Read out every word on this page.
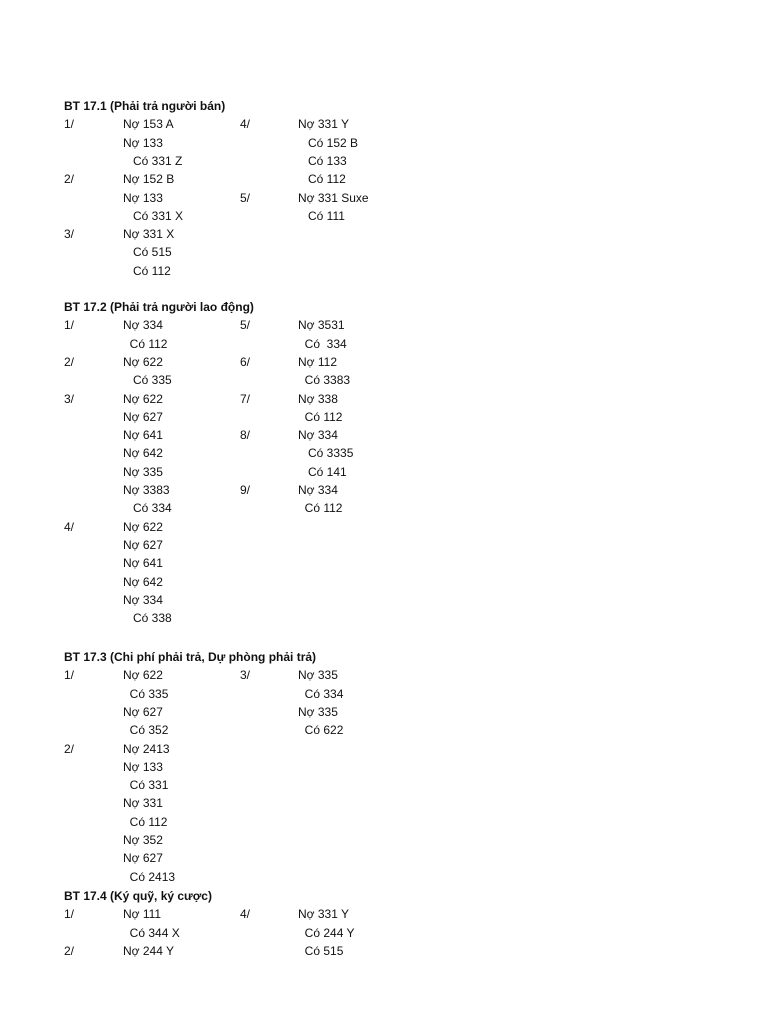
BT 17.1 (Phải trả người bán)
1/	Nợ 153 A
Nợ 133
Có 331 Z
2/	Nợ 152 B
Nợ 133
Có 331 X
3/	Nợ 331 X
Có 515
Có 112
4/	Nợ 331 Y
Có 152 B
Có 133
Có 112
5/	Nợ 331 Suxe
Có 111
BT 17.2 (Phải trả người lao động)
1/	Nợ 334
Có 112
2/	Nợ 622
Có 335
3/	Nợ 622
Nợ 627
Nợ 641
Nợ 642
Nợ 335
Nợ 3383
Có 334
4/	Nợ 622
Nợ 627
Nợ 641
Nợ 642
Nợ 334
Có 338
5/	Nợ 3531
Có  334
6/	Nợ 112
Có 3383
7/	Nợ 338
Có 112
8/	Nợ 334
Có 3335
Có 141
9/	Nợ 334
Có 112
BT 17.3 (Chi phí phải trả, Dự phòng phải trả)
1/	Nợ 622
Có 335
Nợ 627
Có 352
2/	Nợ 2413
Nợ 133
Có 331
Nợ 331
Có 112
Nợ 352
Nợ 627
Có 2413
3/	Nợ 335
Có 334
Nợ 335
Có 622
BT 17.4 (Ký quỹ, ký cược)
1/	Nợ 111
Có 344 X
2/	Nợ 244 Y
4/	Nợ 331 Y
Có 244 Y
Có 515
